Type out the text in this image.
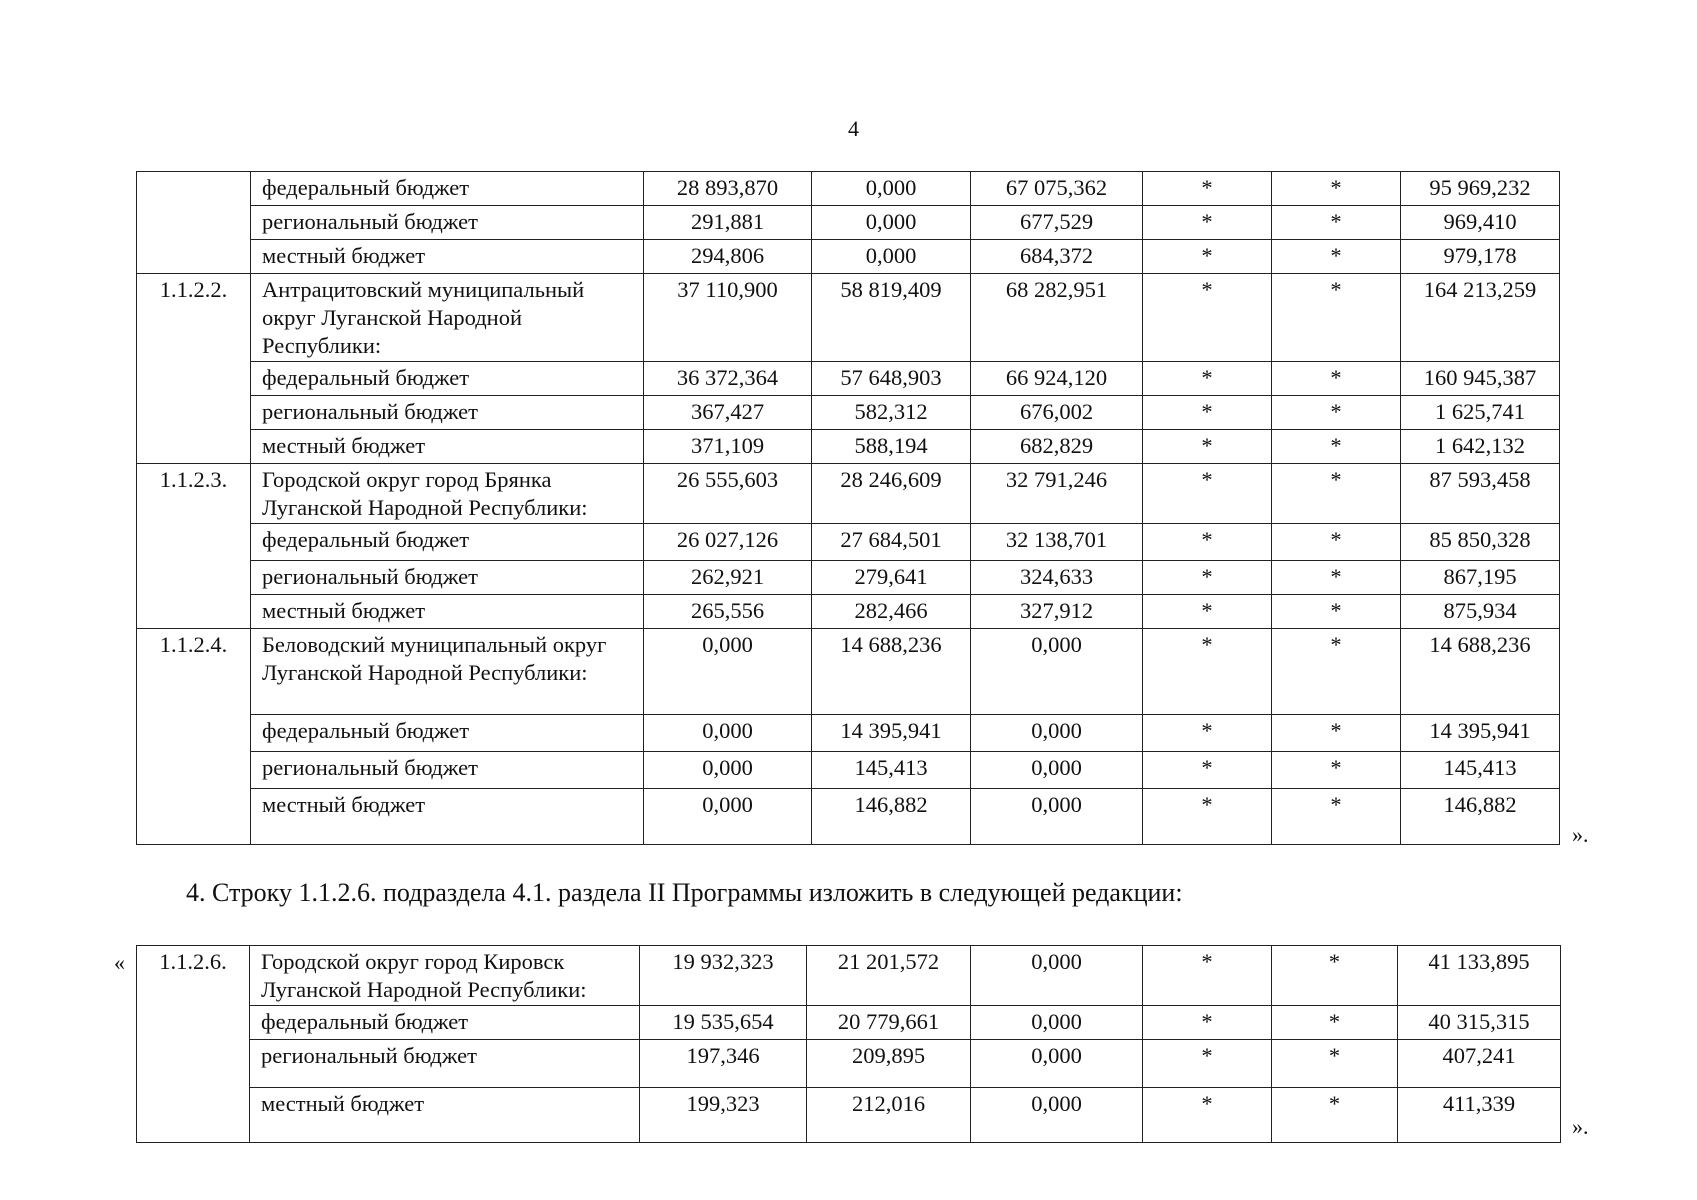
4
	федеральный бюджет	28 893,870	0,000	67 075,362	*	*	95 969,232
	региональный бюджет	291,881	0,000	677,529	*	*	969,410
	местный бюджет	294,806	0,000	684,372	*	*	979,178
1.1.2.2.	Антрацитовский муниципальный округ Луганской Народной Республики:	37 110,900	58 819,409	68 282,951	*	*	164 213,259
	федеральный бюджет	36 372,364	57 648,903	66 924,120	*	*	160 945,387
	региональный бюджет	367,427	582,312	676,002	*	*	1 625,741
	местный бюджет	371,109	588,194	682,829	*	*	1 642,132
1.1.2.3.	Городской округ город Брянка Луганской Народной Республики:	26 555,603	28 246,609	32 791,246	*	*	87 593,458
	федеральный бюджет	26 027,126	27 684,501	32 138,701	*	*	85 850,328
	региональный бюджет	262,921	279,641	324,633	*	*	867,195
	местный бюджет	265,556	282,466	327,912	*	*	875,934
1.1.2.4.	Беловодский муниципальный округ Луганской Народной Республики:	0,000	14 688,236	0,000	*	*	14 688,236
	федеральный бюджет	0,000	14 395,941	0,000	*	*	14 395,941
	региональный бюджет	0,000	145,413	0,000	*	*	145,413
	местный бюджет	0,000	146,882	0,000	*	*	146,882
».
4. Строку 1.1.2.6. подраздела 4.1. раздела II Программы изложить в следующей редакции:
« 1.1.2.6.	Городской округ город Кировск Луганской Народной Республики:	19 932,323	21 201,572	0,000	*	*	41 133,895
	федеральный бюджет	19 535,654	20 779,661	0,000	*	*	40 315,315
	региональный бюджет	197,346	209,895	0,000	*	*	407,241
	местный бюджет	199,323	212,016	0,000	*	*	411,339
».
